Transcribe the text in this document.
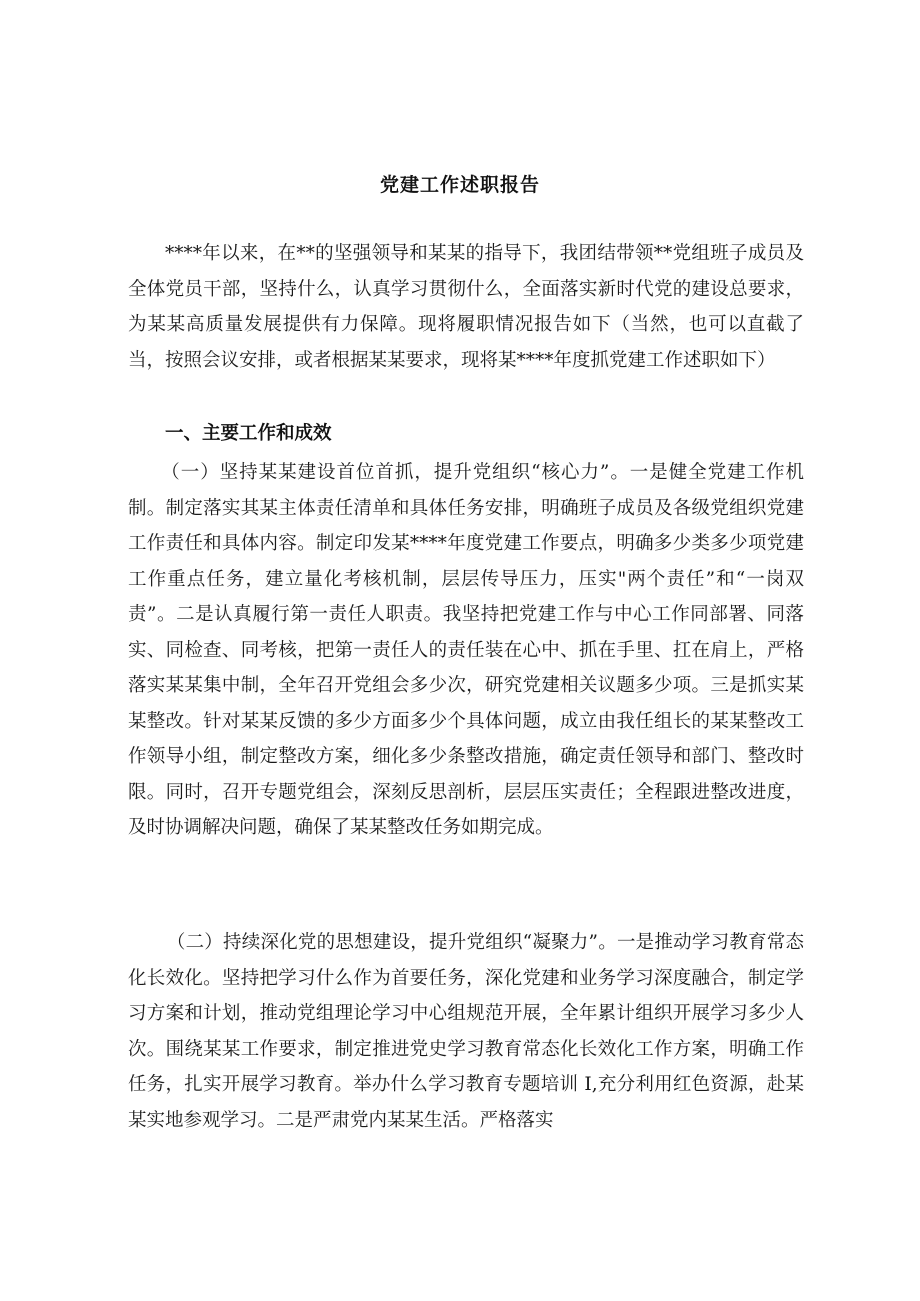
党建工作述职报告
****年以来，在**的坚强领导和某某的指导下，我团结带领**党组班子成员及全体党员干部，坚持什么，认真学习贯彻什么，全面落实新时代党的建设总要求，为某某高质量发展提供有力保障。现将履职情况报告如下（当然，也可以直截了当，按照会议安排，或者根据某某要求，现将某****年度抓党建工作述职如下）
一、主要工作和成效
（一）坚持某某建设首位首抓，提升党组织“核心力”。一是健全党建工作机制。制定落实其某主体责任清单和具体任务安排，明确班子成员及各级党组织党建工作责任和具体内容。制定印发某****年度党建工作要点，明确多少类多少项党建工作重点任务，建立量化考核机制，层层传导压力，压实"两个责任”和“一岗双责”。二是认真履行第一责任人职责。我坚持把党建工作与中心工作同部署、同落实、同检查、同考核，把第一责任人的责任装在心中、抓在手里、扛在肩上，严格落实某某集中制，全年召开党组会多少次，研究党建相关议题多少项。三是抓实某某整改。针对某某反馈的多少方面多少个具体问题，成立由我任组长的某某整改工作领导小组，制定整改方案，细化多少条整改措施，确定责任领导和部门、整改时限。同时，召开专题党组会，深刻反思剖析，层层压实责任；全程跟进整改进度，及时协调解决问题，确保了某某整改任务如期完成。
（二）持续深化党的思想建设，提升党组织“凝聚力”。一是推动学习教育常态化长效化。坚持把学习什么作为首要任务，深化党建和业务学习深度融合，制定学习方案和计划，推动党组理论学习中心组规范开展，全年累计组织开展学习多少人次。围绕某某工作要求，制定推进党史学习教育常态化长效化工作方案，明确工作任务，扎实开展学习教育。举办什么学习教育专题培训 I,充分利用红色资源，赴某某实地参观学习。二是严肃党内某某生活。严格落实
